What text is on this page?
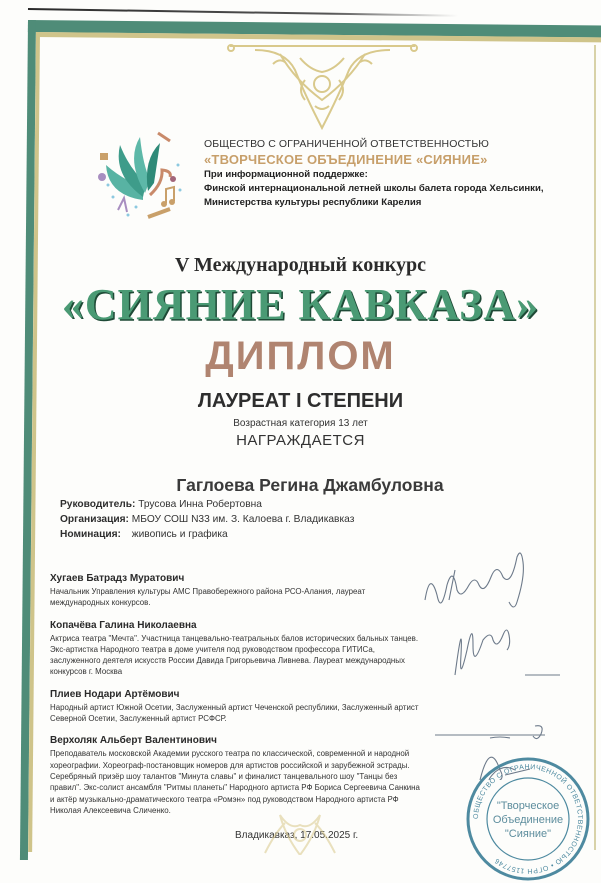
ОБЩЕСТВО С ОГРАНИЧЕННОЙ ОТВЕТСТВЕННОСТЬЮ
«ТВОРЧЕСКОЕ ОБЪЕДИНЕНИЕ «СИЯНИЕ»
При информационной поддержке:
Финской интернациональной летней школы балета города Хельсинки,
Министерства культуры республики Карелия
V Международный конкурс
«СИЯНИЕ КАВКАЗА»
ДИПЛОМ
ЛАУРЕАТ I СТЕПЕНИ
Возрастная категория 13 лет
НАГРАЖДАЕТСЯ
Гаглоева Регина Джамбуловна
Руководитель: Трусова Инна Робертовна
Организация: МБОУ СОШ N33 им. З. Калоева г. Владикавказ
Номинация: живопись и графика
Хугаев Батрадз Муратович
Начальник Управления культуры АМС Правобережного района РСО-Алания, лауреат международных конкурсов.
Копачёва Галина Николаевна
Актриса театра "Мечта". Участница танцевально-театральных балов исторических бальных танцев. Экс-артистка Народного театра в доме учителя под руководством профессора ГИТИСа, заслуженного деятеля искусств России Давида Григорьевича Ливнева. Лауреат международных конкурсов г. Москва
Плиев Нодари Артёмович
Народный артист Южной Осетии, Заслуженный артист Чеченской республики, Заслуженный артист Северной Осетии, Заслуженный артист РСФСР.
Верхоляк Альберт Валентинович
Преподаватель московской Академии русского театра по классической, современной и народной хореографии. Хореограф-постановщик номеров для артистов российской и зарубежной эстрады. Серебряный призёр шоу талантов "Минута славы" и финалист танцевального шоу "Танцы без правил". Экс-солист ансамбля "Ритмы планеты" Народного артиста РФ Бориса Сергеевича Санкина и актёр музыкально-драматического театра «Ромэн» под руководством Народного артиста РФ Николая Алексеевича Сличенко.
Владикавказ, 17.05.2025 г.
ОБЩЕСТВО С ОГРАНИЧЕННОЙ ОТВЕТСТВЕННОСТЬЮ • ОГРН 1157746
"Творческое
Объединение
"Сияние"
